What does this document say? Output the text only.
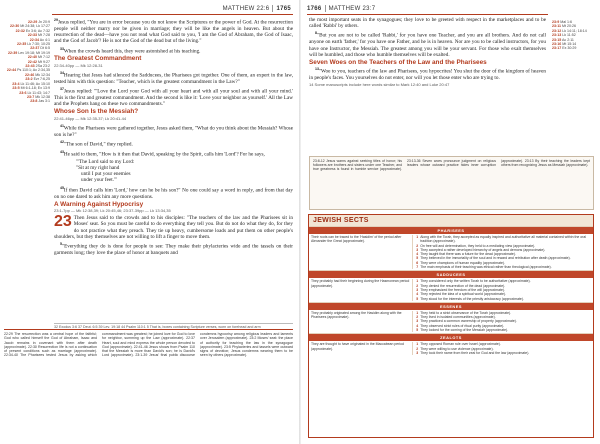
MATTHEW 22:6 1765
22:29 Jn 20:9
22:30 Mt 24:38; Lk 17:27
22:32 Ex 3:6; Ac 7:32
22:33 Mt 7:28
22:34 Ac 4:1
22:35 Lk 7:30; 10:25
22:37 Dt 6:5
22:39 Lev 19:18; Mt 19:19
22:40 Mt 7:12
22:42 Mt 9:27
22:43 2Sa 23:2
22:44 Ps 110:1; Ac 2:34,35
22:46 Mk 12:34
23:2 Ezr 7:6,25
23:4 Lk 11:46; Ac 15:10
23:5 Mt 6:1-18; Ex 13:9
23:6 Lk 11:43; 14:7
23:7 Mk 12:38
23:8 Jas 3:1

$^{29}$Jesus replied, "You are in error because you do not know the Scriptures or the power of God. At the resurrection people will neither marry nor be given in marriage; they will be like the angels in heaven. But about the resurrection of the dead—have you not read what God said to you, 'I am the God of Abraham, the God of Isaac, and the God of Jacob'? He is not the God of the dead but of the living."

$^{33}$When the crowds heard this, they were astonished at his teaching.

The Greatest Commandment
22:34-40pp — Mk 12:28-31

$^{34}$Hearing that Jesus had silenced the Sadducees, the Pharisees got together. One of them, an expert in the law, tested him with this question: "Teacher, which is the greatest commandment in the Law?"

$^{37}$Jesus replied: "'Love the Lord your God with all your heart and with all your soul and with all your mind.' This is the first and greatest commandment. And the second is like it: 'Love your neighbor as yourself.' All the Law and the Prophets hang on these two commandments."

Whose Son Is the Messiah?
22:41-46pp — Mk 12:35-37; Lk 20:41-44

$^{41}$While the Pharisees were gathered together, Jesus asked them, "What do you think about the Messiah? Whose son is he?"

$^{42}$"The son of David," they replied.

$^{43}$He said to them, "How is it then that David, speaking by the Spirit, calls him 'Lord'? For he says,

"'The Lord said to my Lord:
"Sit at my right hand
until I put your enemies
under your feet."'

$^{45}$If then David calls him 'Lord,' how can he be his son?" No one could say a word in reply, and from that day on no one dared to ask him any more questions.

A Warning Against Hypocrisy
23:1-7pp — Mk 12:38,39; Lk 20:45,46; 23:37-39pp — Lk 13:34,35

23 Then Jesus said to the crowds and to his disciples: "The teachers of the law and the Pharisees sit in Moses' seat. So you must be careful to do everything they tell you. But do not do what they do, for they do not practice what they preach. They tie up heavy, cumbersome loads and put them on other people's shoulders, but they themselves are not willing to lift a finger to move them.

$^5$"Everything they do is done for people to see: They make their phylacteries wide and the tassels on their garments long; they love the place of honor at banquets and

32 Exodus 3:6 37 Deut. 6:5 39 Lev. 19:18 44 Psalm 110:1 5 That is, boxes containing Scripture verses, worn on forehead and arm
22:29 The resurrection was a central hope of the faithful; God who called himself the God of Abraham, Isaac and Jacob remains in covenant with them after death (approximate). 22:30 Resurrection life is not a continuation of present conditions such as marriage (approximate). 22:34-40 The Pharisees tested Jesus by asking which commandment was greatest; he joined love for God to love for neighbor, summing up the Law (approximate). 22:37 Heart, soul and mind express the whole person devoted to God (approximate). 22:41-46 Jesus shows from Psalm 110 that the Messiah is more than David's son; he is David's Lord (approximate). 23:1-39 Jesus' final public discourse condemns hypocrisy among religious leaders and laments over Jerusalem (approximate). 23:2 Moses' seat: the place of authority for teaching the law in the synagogue (approximate). 23:5 Phylacteries and tassels were outward signs of devotion; Jesus condemns wearing them to be seen by others (approximate).
1766 MATTHEW 23:7
23:9 Mal 1:6
23:11 Mt 20:26
23:12 Lk 14:11; 18:14
23:13 Lk 11:52
23:15 Ac 2:11
23:16 Mt 15:14
23:17 Ex 30:29

the most important seats in the synagogues; they love to be greeted with respect in the marketplaces and to be called 'Rabbi' by others.

$^8$"But you are not to be called 'Rabbi,' for you have one Teacher, and you are all brothers. And do not call anyone on earth 'father,' for you have one Father, and he is in heaven. Nor are you to be called instructors, for you have one Instructor, the Messiah. The greatest among you will be your servant. For those who exalt themselves will be humbled, and those who humble themselves will be exalted.

Seven Woes on the Teachers of the Law and the Pharisees

$^{13}$"Woe to you, teachers of the law and Pharisees, you hypocrites! You shut the door of the kingdom of heaven in people's faces. You yourselves do not enter, nor will you let those enter who are trying to.

14 Some manuscripts include here words similar to Mark 12:40 and Luke 20:47
23:8-12 Jesus warns against seeking titles of honor; his followers are brothers and sisters under one Teacher, and true greatness is found in humble service (approximate). 23:13-36 Seven woes pronounce judgment on religious leaders whose outward practice hides inner corruption (approximate). 23:13 By their teaching the leaders kept others from recognizing Jesus as Messiah (approximate).
JEWISH SECTS
PHARISEES
Their roots can be traced to the 'Hasidim' of the period after Alexander the Great (approximate).
1 Along with the Torah, they accepted as equally inspired and authoritative all material contained within the oral tradition (approximate).
2 On free will and determination, they held to a mediating view (approximate).
3 They accepted a rather developed hierarchy of angels and demons (approximate).
4 They taught that there was a future for the dead (approximate).
5 They believed in the immortality of the soul and in reward and retribution after death (approximate).
6 They were champions of human equality (approximate).
7 The main emphasis of their teaching was ethical rather than theological (approximate).
SADDUCEES
They probably had their beginning during the Hasmonean period (approximate).
1 They considered only the written Torah to be authoritative (approximate).
2 They denied the resurrection of the dead (approximate).
3 They emphasized the freedom of the will (approximate).
4 They rejected the idea of a spiritual world (approximate).
5 They stood for the interests of the priestly aristocracy (approximate).
ESSENES
They probably originated among the Hasidim along with the Pharisees (approximate).
1 They held to a strict observance of the Torah (approximate).
2 They lived in isolated communities (approximate).
3 They practiced a common ownership of property (approximate).
4 They observed strict rules of ritual purity (approximate).
5 They looked for the coming of the Messiah (approximate).
ZEALOTS
They are thought to have originated in the Maccabean period (approximate).
1 They opposed Roman rule over Israel (approximate).
2 They were willing to use violence (approximate).
3 They took their name from their zeal for God and the law (approximate).
